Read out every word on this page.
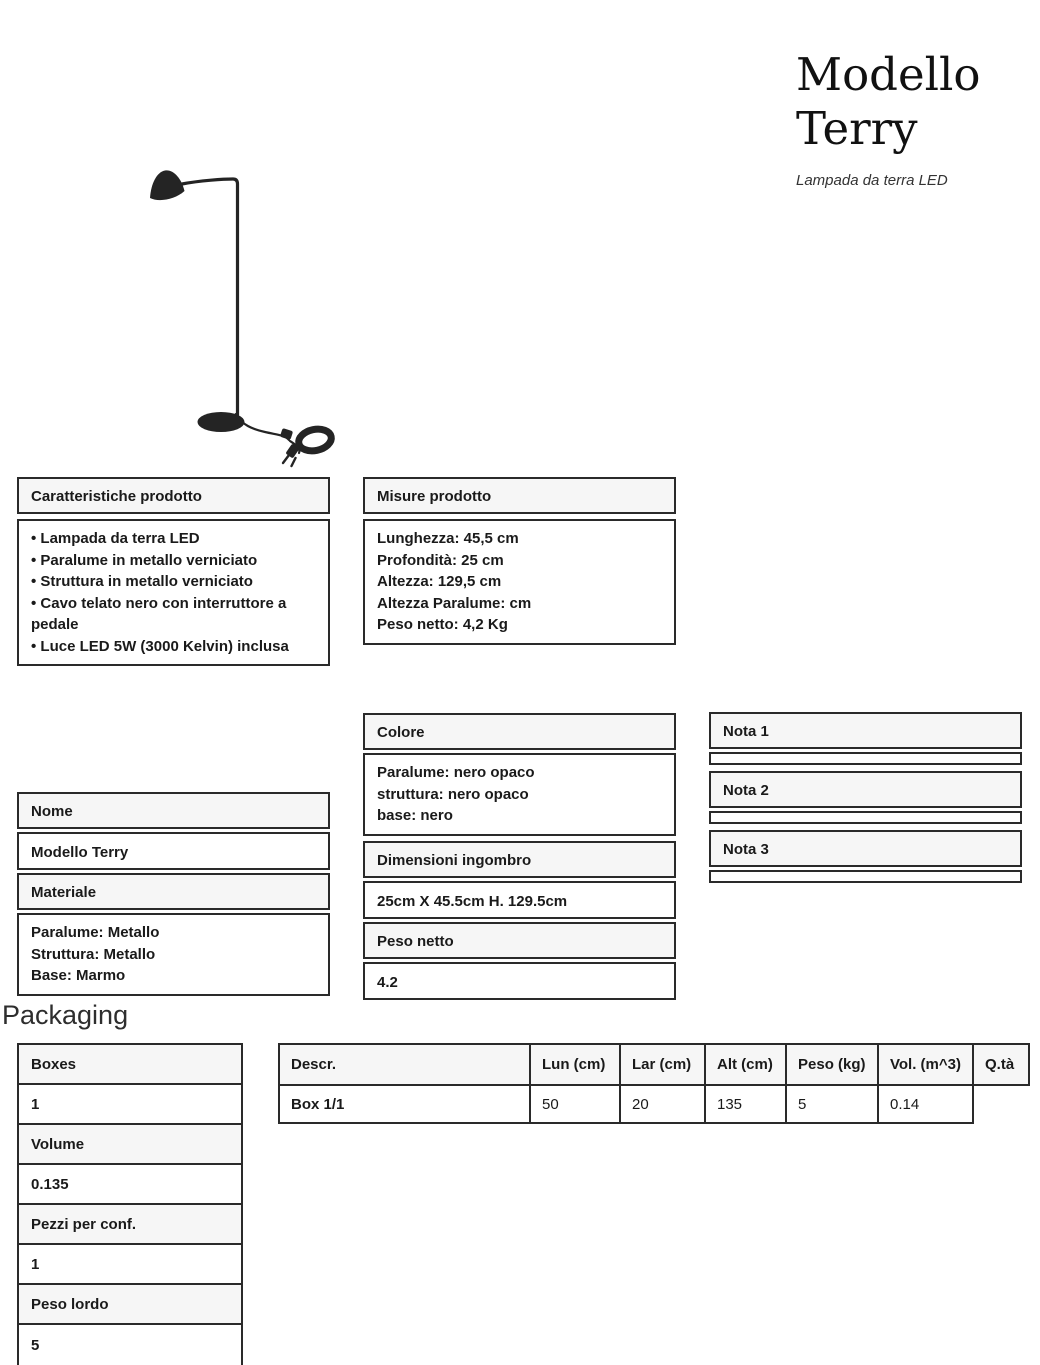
Modello
Terry
Lampada da terra LED
Caratteristiche prodotto
• Lampada da terra LED
• Paralume in metallo verniciato
• Struttura in metallo verniciato
• Cavo telato nero con interruttore a pedale
• Luce LED 5W (3000 Kelvin) inclusa
Misure prodotto
Lunghezza: 45,5 cm
Profondità: 25 cm
Altezza: 129,5 cm
Altezza Paralume: cm
Peso netto: 4,2 Kg
Nome
Modello Terry
Materiale
Paralume: Metallo
Struttura: Metallo
Base: Marmo
Colore
Paralume: nero opaco
struttura: nero opaco
base: nero
Dimensioni ingombro
25cm X 45.5cm H. 129.5cm
Peso netto
4.2
Nota 1
Nota 2
Nota 3
Packaging
Boxes
1
Volume
0.135
Pezzi per conf.
1
Peso lordo
5
Descr.	Lun (cm)	Lar (cm)	Alt (cm)	Peso (kg)	Vol. (m^3)	Q.tà
Box 1/1	50	20	135	5	0.14	
